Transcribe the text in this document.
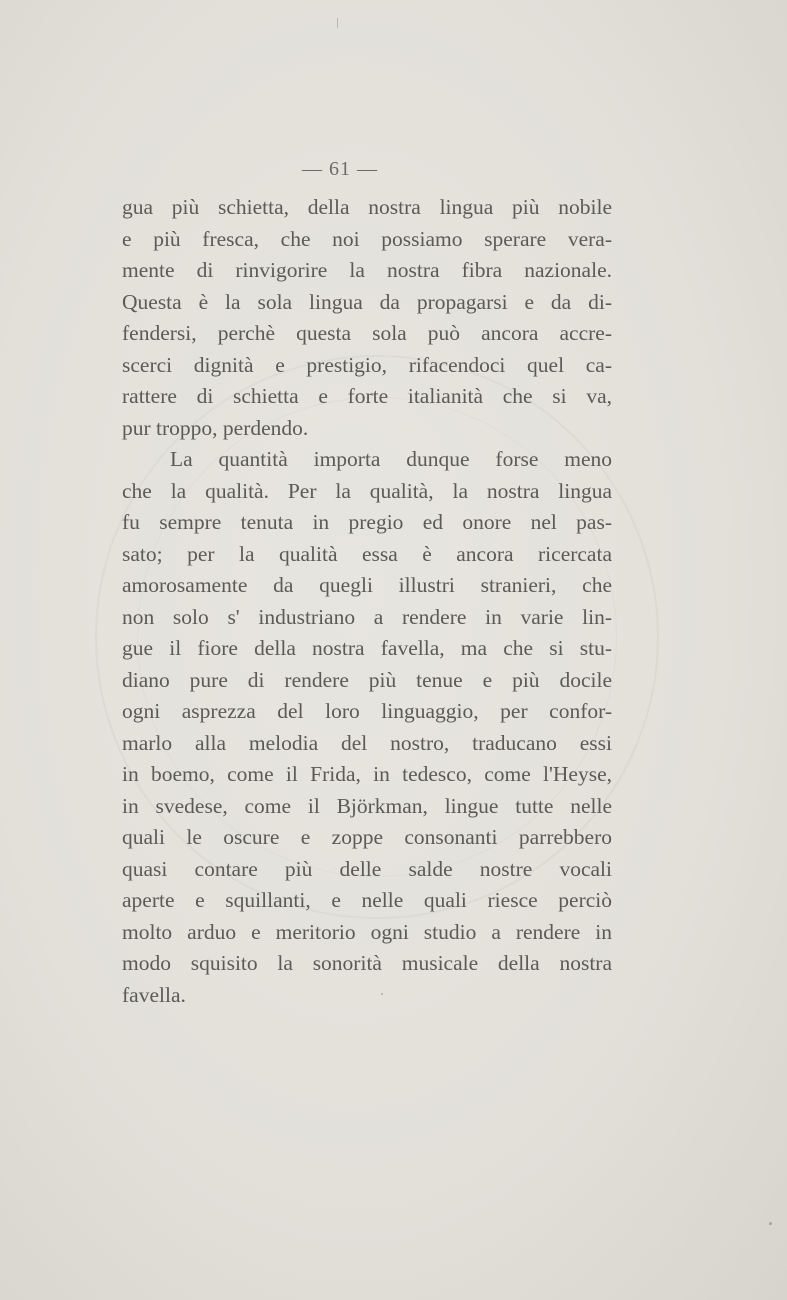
— 61 —

gua più schietta, della nostra lingua più nobile

e più fresca, che noi possiamo sperare vera-

mente di rinvigorire la nostra fibra nazionale.

Questa è la sola lingua da propagarsi e da di-

fendersi, perchè questa sola può ancora accre-

scerci dignità e prestigio, rifacendoci quel ca-

rattere di schietta e forte italianità che si va,

pur troppo, perdendo.

La quantità importa dunque forse meno

che la qualità. Per la qualità, la nostra lingua

fu sempre tenuta in pregio ed onore nel pas-

sato; per la qualità essa è ancora ricercata

amorosamente da quegli illustri stranieri, che

non solo s' industriano a rendere in varie lin-

gue il fiore della nostra favella, ma che si stu-

diano pure di rendere più tenue e più docile

ogni asprezza del loro linguaggio, per confor-

marlo alla melodia del nostro, traducano essi

in boemo, come il Frida, in tedesco, come l'Heyse,

in svedese, come il Björkman, lingue tutte nelle

quali le oscure e zoppe consonanti parrebbero

quasi contare più delle salde nostre vocali

aperte e squillanti, e nelle quali riesce perciò

molto arduo e meritorio ogni studio a rendere in

modo squisito la sonorità musicale della nostra

favella.
